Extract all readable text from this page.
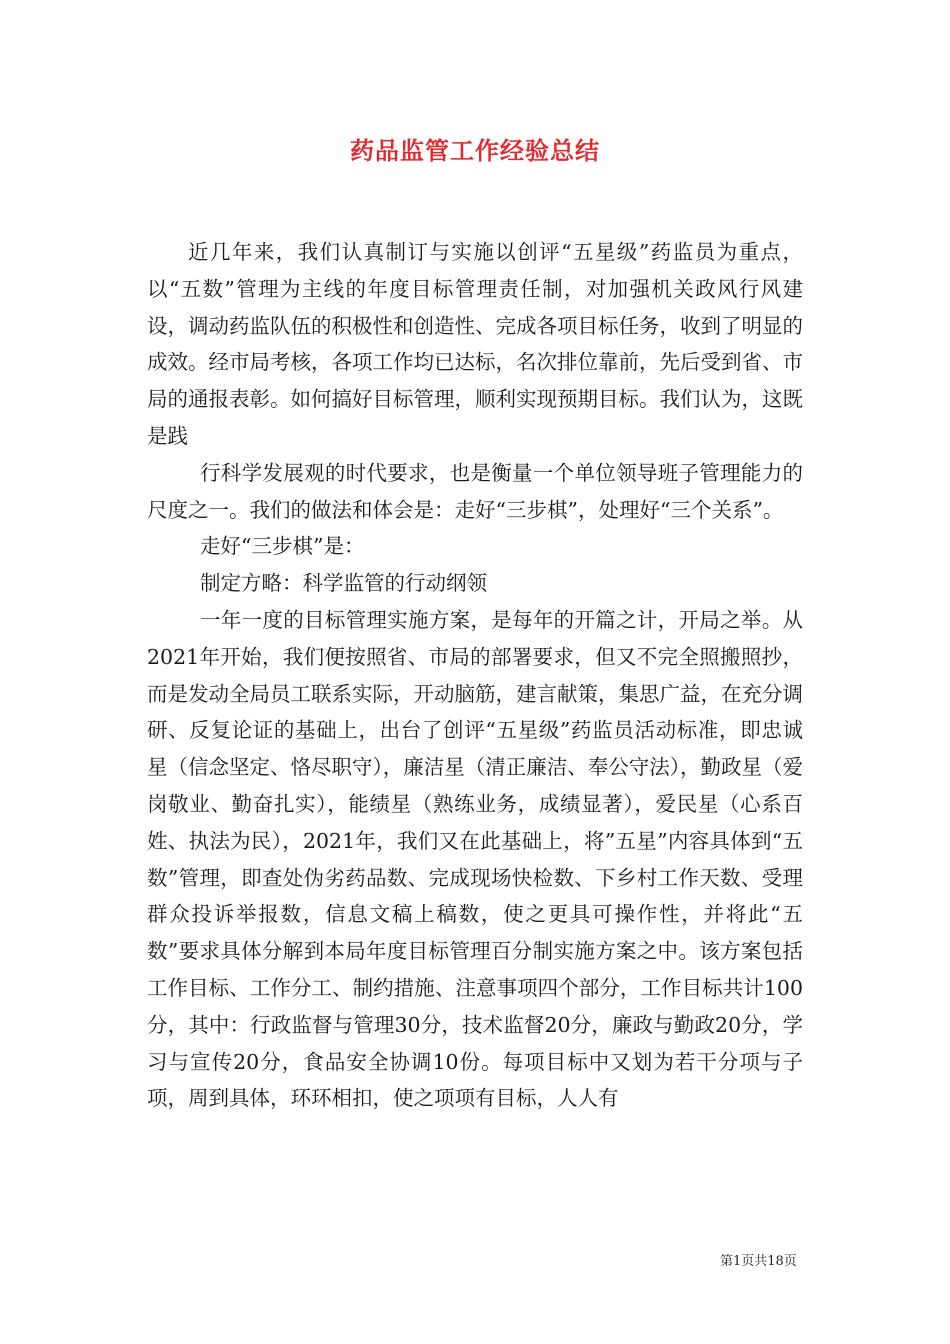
药品监管工作经验总结

近几年来，我们认真制订与实施以创评“五星级”药监员为重点，以“五数”管理为主线的年度目标管理责任制，对加强机关政风行风建设，调动药监队伍的积极性和创造性、完成各项目标任务，收到了明显的成效。经市局考核，各项工作均已达标，名次排位靠前，先后受到省、市局的通报表彰。如何搞好目标管理，顺利实现预期目标。我们认为，这既是践

行科学发展观的时代要求，也是衡量一个单位领导班子管理能力的尺度之一。我们的做法和体会是：走好“三步棋”，处理好“三个关系”。

走好“三步棋”是：

制定方略：科学监管的行动纲领

一年一度的目标管理实施方案，是每年的开篇之计，开局之举。从2021年开始，我们便按照省、市局的部署要求，但又不完全照搬照抄，而是发动全局员工联系实际，开动脑筋，建言献策，集思广益，在充分调研、反复论证的基础上，出台了创评“五星级”药监员活动标准，即忠诚星（信念坚定、恪尽职守），廉洁星（清正廉洁、奉公守法），勤政星（爱岗敬业、勤奋扎实），能绩星（熟练业务，成绩显著），爱民星（心系百姓、执法为民），2021年，我们又在此基础上，将”五星”内容具体到“五数”管理，即查处伪劣药品数、完成现场快检数、下乡村工作天数、受理群众投诉举报数，信息文稿上稿数，使之更具可操作性，并将此“五数”要求具体分解到本局年度目标管理百分制实施方案之中。该方案包括工作目标、工作分工、制约措施、注意事项四个部分，工作目标共计100分，其中：行政监督与管理30分，技术监督20分，廉政与勤政20分，学习与宣传20分，食品安全协调10份。每项目标中又划为若干分项与子项，周到具体，环环相扣，使之项项有目标，人人有

第1页共18页
